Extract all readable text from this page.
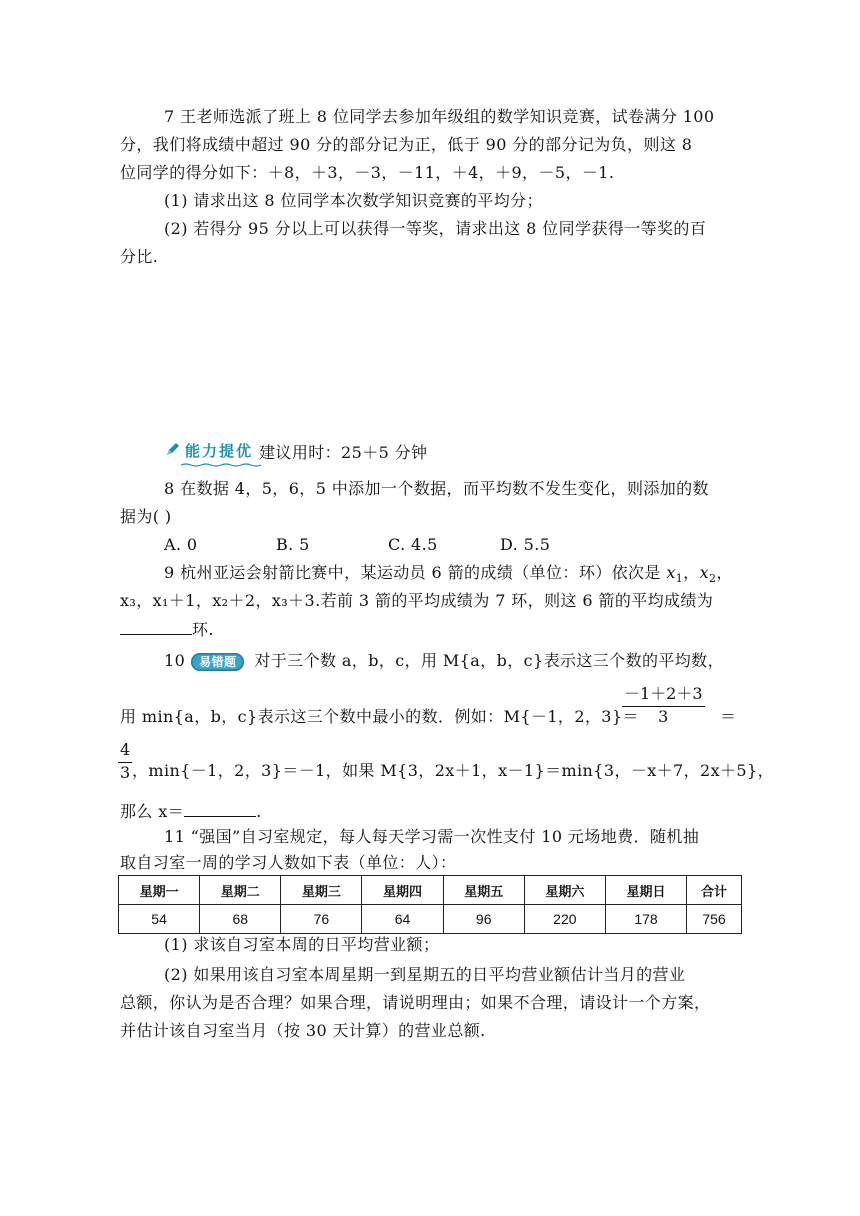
7 王老师选派了班上 8 位同学去参加年级组的数学知识竞赛，试卷满分 100
分，我们将成绩中超过 90 分的部分记为正，低于 90 分的部分记为负，则这 8
位同学的得分如下：＋8，＋3，－3，－11，＋4，＋9，－5，－1.
(1) 请求出这 8 位同学本次数学知识竞赛的平均分；
(2) 若得分 95 分以上可以获得一等奖，请求出这 8 位同学获得一等奖的百
分比.
能力提优 建议用时：25＋5 分钟
8 在数据 4，5，6，5 中添加一个数据，而平均数不发生变化，则添加的数
据为( )
A. 0	B. 5	C. 4.5	D. 5.5
9 杭州亚运会射箭比赛中，某运动员 6 箭的成绩（单位：环）依次是 $x_1$，$x_2$，
x₃，x₁＋1，x₂＋2，x₃＋3.若前 3 箭的平均成绩为 7 环，则这 6 箭的平均成绩为
环.
10 易错题 对于三个数 a，b，c，用 M{a，b，c}表示这三个数的平均数，
用 min{a，b，c}表示这三个数中最小的数．例如：M{－1，2，3}＝
$\frac{-1+2+3}{3}$ ＝
$\frac{4}{3}$ ，min{－1，2，3}＝－1，如果 M{3，2x＋1，x－1}＝min{3，－x＋7，2x＋5}，
那么 x＝	.
11 “强国”自习室规定，每人每天学习需一次性支付 10 元场地费．随机抽
取自习室一周的学习人数如下表（单位：人）：
星期一	星期二	星期三	星期四	星期五	星期六	星期日	合计
54	68	76	64	96	220	178	756
(1) 求该自习室本周的日平均营业额；
(2) 如果用该自习室本周星期一到星期五的日平均营业额估计当月的营业
总额，你认为是否合理？如果合理，请说明理由；如果不合理，请设计一个方案，
并估计该自习室当月（按 30 天计算）的营业总额.
